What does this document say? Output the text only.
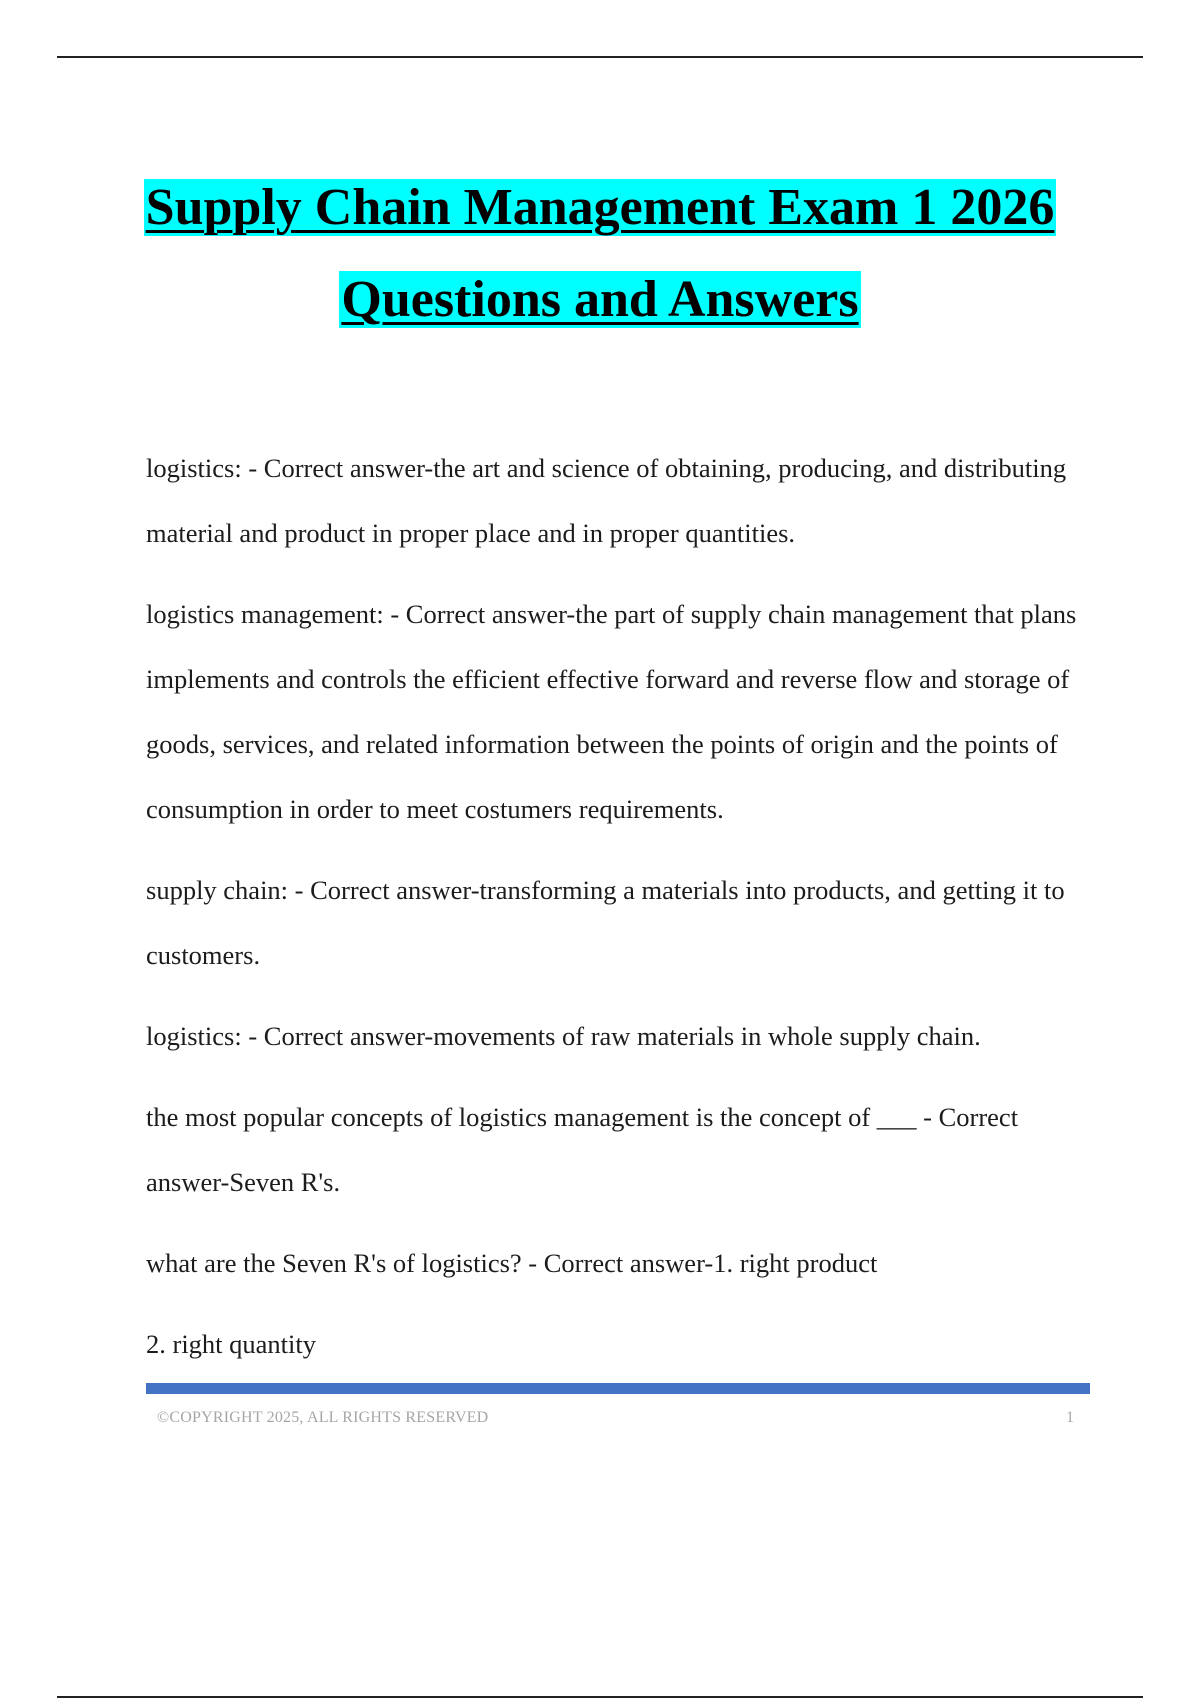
Supply Chain Management Exam 1 2026
Questions and Answers

logistics: - Correct answer-the art and science of obtaining, producing, and distributing material and product in proper place and in proper quantities.

logistics management: - Correct answer-the part of supply chain management that plans implements and controls the efficient effective forward and reverse flow and storage of goods, services, and related information between the points of origin and the points of consumption in order to meet costumers requirements.

supply chain: - Correct answer-transforming a materials into products, and getting it to customers.

logistics: - Correct answer-movements of raw materials in whole supply chain.

the most popular concepts of logistics management is the concept of ___ - Correct answer-Seven R's.

what are the Seven R's of logistics? - Correct answer-1. right product

2. right quantity

©COPYRIGHT 2025, ALL RIGHTS RESERVED	1
